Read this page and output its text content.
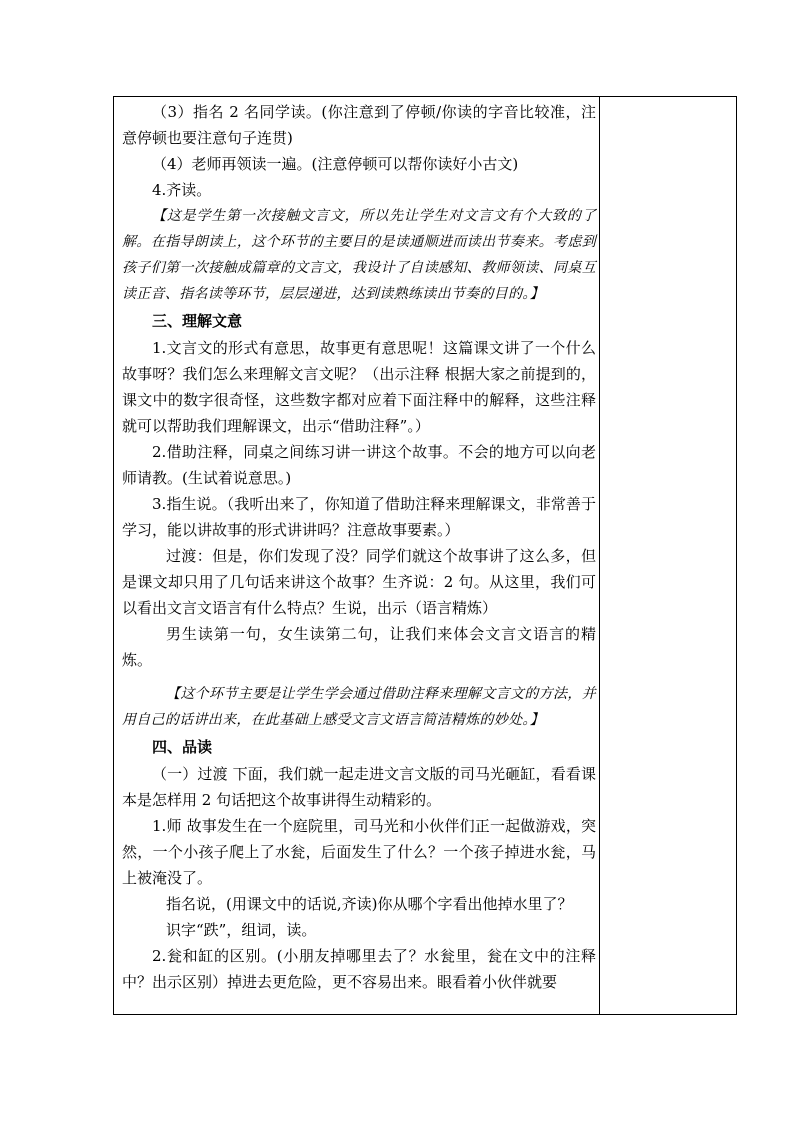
（3）指名 2 名同学读。(你注意到了停顿/你读的字音比较准，注意停顿也要注意句子连贯)

（4）老师再领读一遍。(注意停顿可以帮你读好小古文)

4.齐读。

【这是学生第一次接触文言文，所以先让学生对文言文有个大致的了解。在指导朗读上，这个环节的主要目的是读通顺进而读出节奏来。考虑到孩子们第一次接触成篇章的文言文，我设计了自读感知、教师领读、同桌互读正音、指名读等环节，层层递进，达到读熟练读出节奏的目的。】

三、理解文意

1.文言文的形式有意思，故事更有意思呢！这篇课文讲了一个什么故事呀？我们怎么来理解文言文呢？（出示注释 根据大家之前提到的，课文中的数字很奇怪，这些数字都对应着下面注释中的解释，这些注释就可以帮助我们理解课文，出示“借助注释”。）

2.借助注释，同桌之间练习讲一讲这个故事。不会的地方可以向老师请教。(生试着说意思。)

3.指生说。（我听出来了，你知道了借助注释来理解课文，非常善于学习，能以讲故事的形式讲讲吗？注意故事要素。）

过渡：但是，你们发现了没？同学们就这个故事讲了这么多，但是课文却只用了几句话来讲这个故事？生齐说：2 句。从这里，我们可以看出文言文语言有什么特点？生说，出示（语言精炼）

男生读第一句，女生读第二句，让我们来体会文言文语言的精炼。

【这个环节主要是让学生学会通过借助注释来理解文言文的方法，并用自己的话讲出来，在此基础上感受文言文语言简洁精炼的妙处。】

四、品读

（一）过渡 下面，我们就一起走进文言文版的司马光砸缸，看看课本是怎样用 2 句话把这个故事讲得生动精彩的。

1.师 故事发生在一个庭院里，司马光和小伙伴们正一起做游戏，突然，一个小孩子爬上了水瓮，后面发生了什么？一个孩子掉进水瓮，马上被淹没了。

指名说，(用课文中的话说,齐读)你从哪个字看出他掉水里了？

识字“跌”，组词，读。

2.瓮和缸的区别。(小朋友掉哪里去了？水瓮里，瓮在文中的注释中？出示区别）掉进去更危险，更不容易出来。眼看着小伙伴就要
